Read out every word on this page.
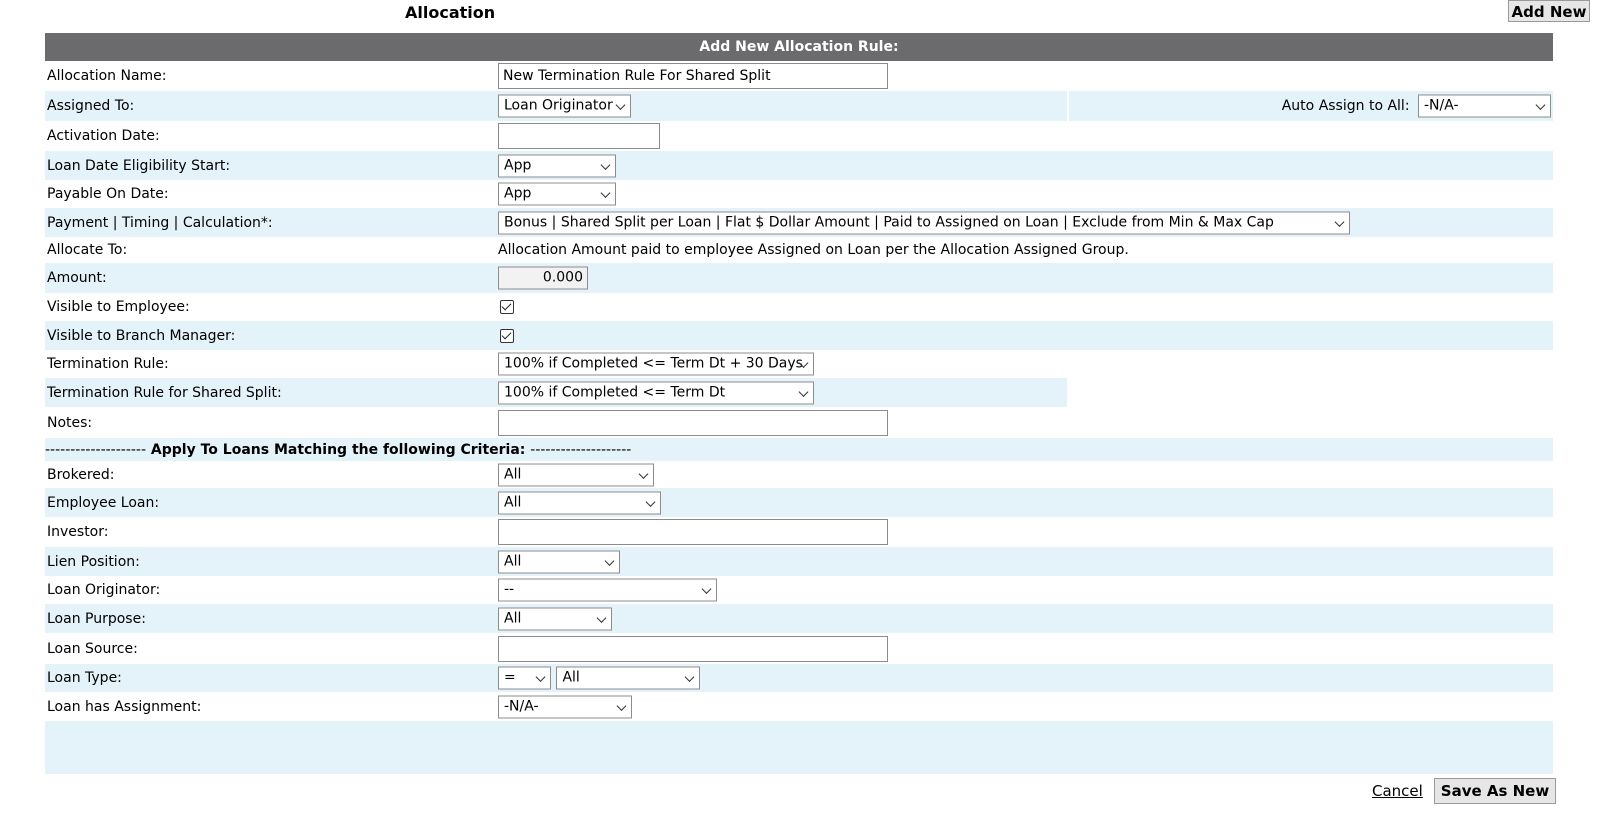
Allocation	Add New
Add New Allocation Rule:
Allocation Name:	New Termination Rule For Shared Split
Assigned To:	Loan Originator	Auto Assign to All: -N/A-
Activation Date:
Loan Date Eligibility Start:	App
Payable On Date:	App
Payment | Timing | Calculation*:	Bonus | Shared Split per Loan | Flat $ Dollar Amount | Paid to Assigned on Loan | Exclude from Min & Max Cap
Allocate To:	Allocation Amount paid to employee Assigned on Loan per the Allocation Assigned Group.
Amount:	0.000
Visible to Employee:
Visible to Branch Manager:
Termination Rule:	100% if Completed <= Term Dt + 30 Days
Termination Rule for Shared Split:	100% if Completed <= Term Dt
Notes:
-------------------- Apply To Loans Matching the following Criteria: --------------------
Brokered:	All
Employee Loan:	All
Investor:
Lien Position:	All
Loan Originator:	--
Loan Purpose:	All
Loan Source:
Loan Type:	=	All
Loan has Assignment:	-N/A-
Cancel	Save As New
